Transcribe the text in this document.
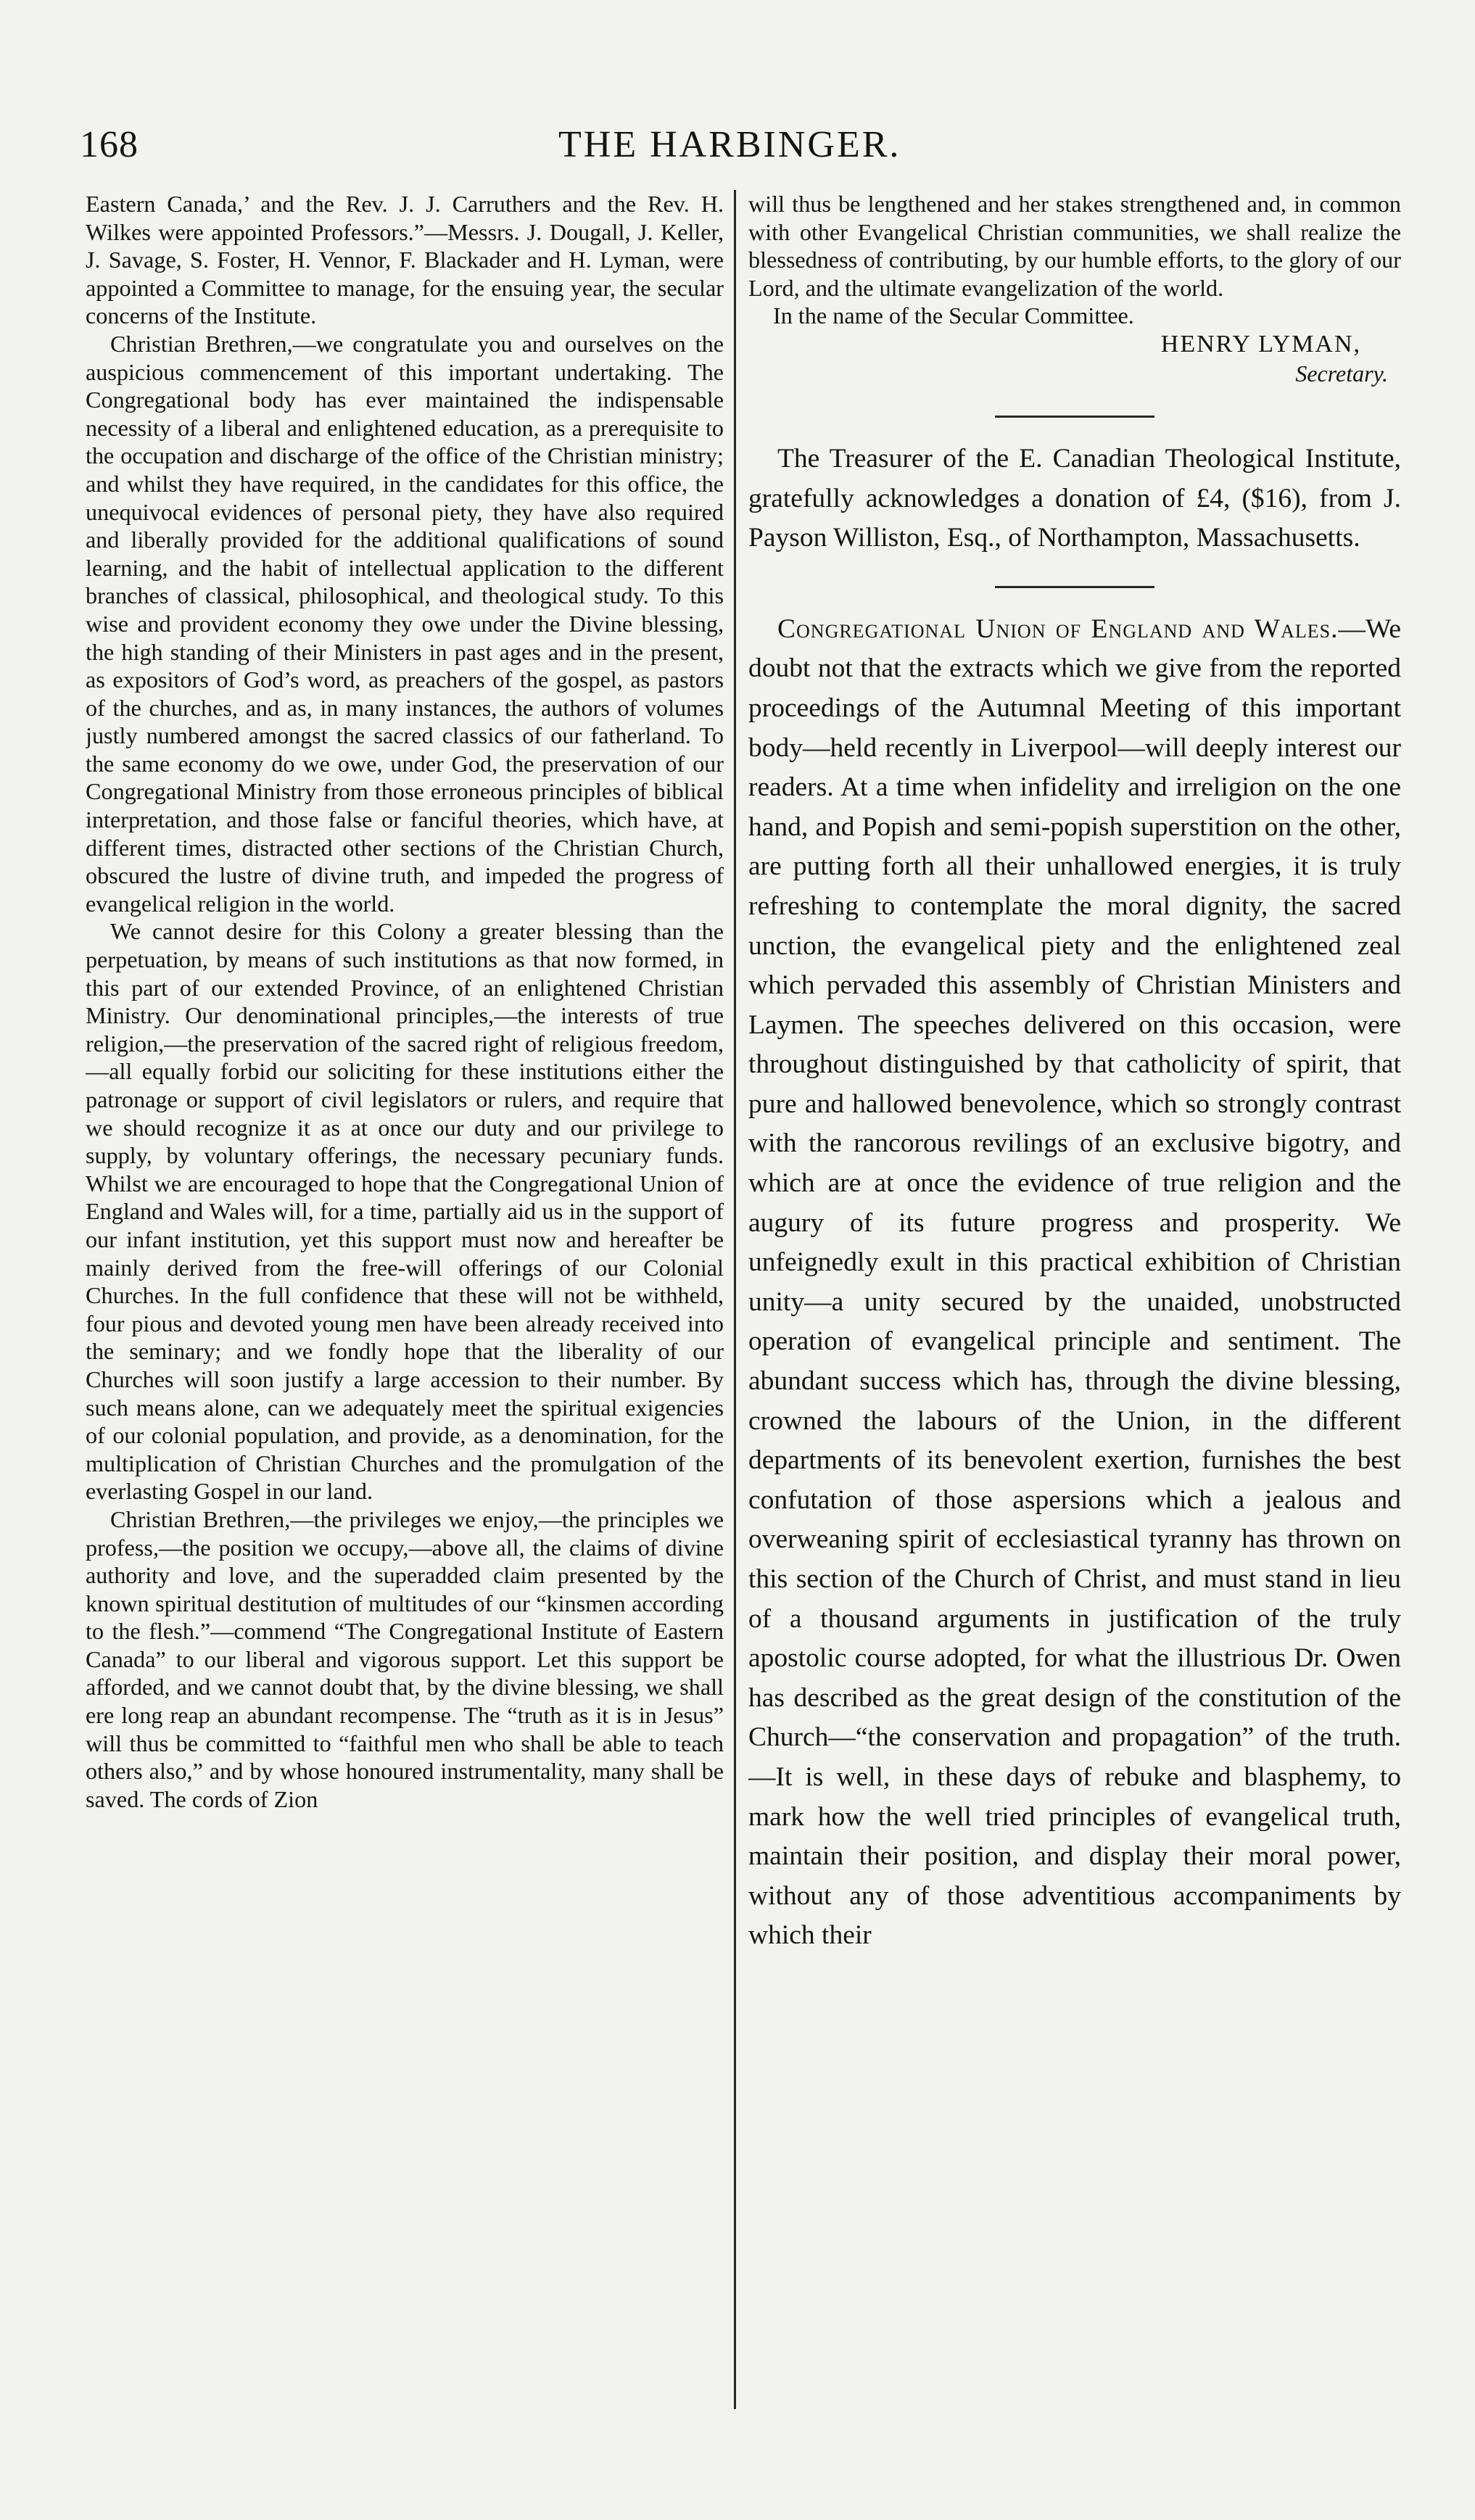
168	THE HARBINGER.

Eastern Canada,’ and the Rev. J. J. Carruthers and the Rev. H. Wilkes were appointed Professors.”—Messrs. J. Dougall, J. Keller, J. Savage, S. Foster, H. Vennor, F. Blackader and H. Lyman, were appointed a Committee to manage, for the ensuing year, the secular concerns of the Institute.

Christian Brethren,—we congratulate you and ourselves on the auspicious commencement of this important undertaking. The Congregational body has ever maintained the indispensable necessity of a liberal and enlightened education, as a prerequisite to the occupation and discharge of the office of the Christian ministry; and whilst they have required, in the candidates for this office, the unequivocal evidences of personal piety, they have also required and liberally provided for the additional qualifications of sound learning, and the habit of intellectual application to the different branches of classical, philosophical, and theological study. To this wise and provident economy they owe under the Divine blessing, the high standing of their Ministers in past ages and in the present, as expositors of God’s word, as preachers of the gospel, as pastors of the churches, and as, in many instances, the authors of volumes justly numbered amongst the sacred classics of our fatherland. To the same economy do we owe, under God, the preservation of our Congregational Ministry from those erroneous principles of biblical interpretation, and those false or fanciful theories, which have, at different times, distracted other sections of the Christian Church, obscured the lustre of divine truth, and impeded the progress of evangelical religion in the world.

We cannot desire for this Colony a greater blessing than the perpetuation, by means of such institutions as that now formed, in this part of our extended Province, of an enlightened Christian Ministry. Our denominational principles,—the interests of true religion,—the preservation of the sacred right of religious freedom,—all equally forbid our soliciting for these institutions either the patronage or support of civil legislators or rulers, and require that we should recognize it as at once our duty and our privilege to supply, by voluntary offerings, the necessary pecuniary funds. Whilst we are encouraged to hope that the Congregational Union of England and Wales will, for a time, partially aid us in the support of our infant institution, yet this support must now and hereafter be mainly derived from the free-will offerings of our Colonial Churches. In the full confidence that these will not be withheld, four pious and devoted young men have been already received into the seminary; and we fondly hope that the liberality of our Churches will soon justify a large accession to their number. By such means alone, can we adequately meet the spiritual exigencies of our colonial population, and provide, as a denomination, for the multiplication of Christian Churches and the promulgation of the everlasting Gospel in our land.

Christian Brethren,—the privileges we enjoy,—the principles we profess,—the position we occupy,—above all, the claims of divine authority and love, and the superadded claim presented by the known spiritual destitution of multitudes of our “kinsmen according to the flesh.”—commend “The Congregational Institute of Eastern Canada” to our liberal and vigorous support. Let this support be afforded, and we cannot doubt that, by the divine blessing, we shall ere long reap an abundant recompense. The “truth as it is in Jesus” will thus be committed to “faithful men who shall be able to teach others also,” and by whose honoured instrumentality, many shall be saved. The cords of Zion

will thus be lengthened and her stakes strengthened and, in common with other Evangelical Christian communities, we shall realize the blessedness of contributing, by our humble efforts, to the glory of our Lord, and the ultimate evangelization of the world.

In the name of the Secular Committee.

HENRY LYMAN,
Secretary.

The Treasurer of the E. Canadian Theological Institute, gratefully acknowledges a donation of £4, ($16), from J. Payson Williston, Esq., of Northampton, Massachusetts.

Congregational Union of England and Wales.—We doubt not that the extracts which we give from the reported proceedings of the Autumnal Meeting of this important body—held recently in Liverpool—will deeply interest our readers. At a time when infidelity and irreligion on the one hand, and Popish and semi-popish superstition on the other, are putting forth all their unhallowed energies, it is truly refreshing to contemplate the moral dignity, the sacred unction, the evangelical piety and the enlightened zeal which pervaded this assembly of Christian Ministers and Laymen. The speeches delivered on this occasion, were throughout distinguished by that catholicity of spirit, that pure and hallowed benevolence, which so strongly contrast with the rancorous revilings of an exclusive bigotry, and which are at once the evidence of true religion and the augury of its future progress and prosperity. We unfeignedly exult in this practical exhibition of Christian unity—a unity secured by the unaided, unobstructed operation of evangelical principle and sentiment. The abundant success which has, through the divine blessing, crowned the labours of the Union, in the different departments of its benevolent exertion, furnishes the best confutation of those aspersions which a jealous and overweaning spirit of ecclesiastical tyranny has thrown on this section of the Church of Christ, and must stand in lieu of a thousand arguments in justification of the truly apostolic course adopted, for what the illustrious Dr. Owen has described as the great design of the constitution of the Church—“the conservation and propagation” of the truth.—It is well, in these days of rebuke and blasphemy, to mark how the well tried principles of evangelical truth, maintain their position, and display their moral power, without any of those adventitious accompaniments by which their
